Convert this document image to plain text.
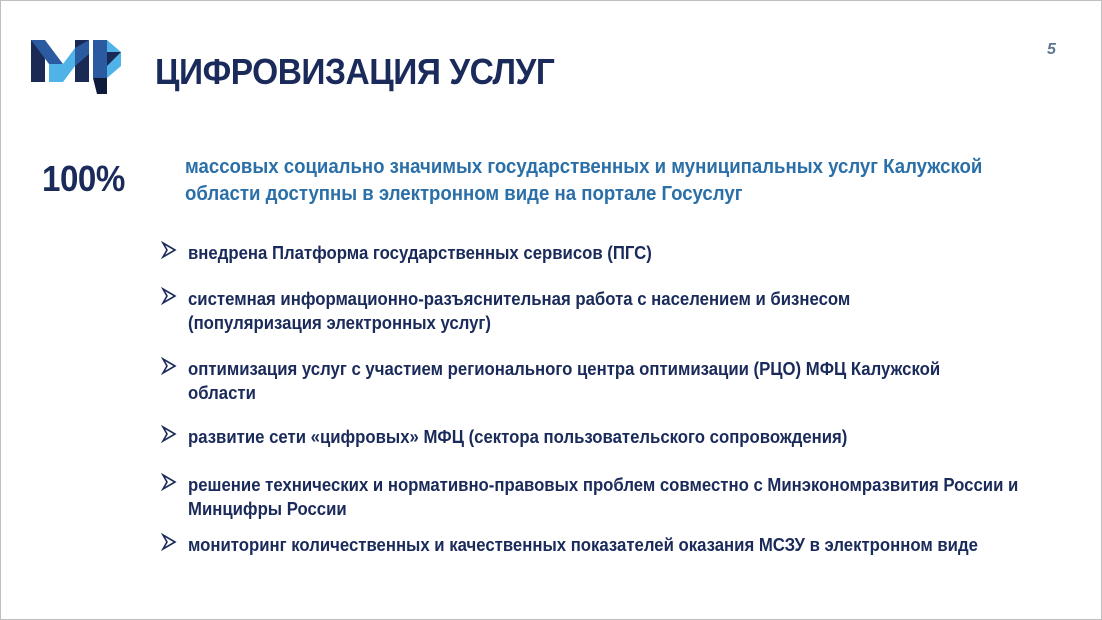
ЦИФРОВИЗАЦИЯ УСЛУГ
5
100%	массовых социально значимых государственных и муниципальных услуг Калужской области доступны в электронном виде на портале Госуслуг

внедрена Платформа государственных сервисов (ПГС)
системная информационно-разъяснительная работа с населением и бизнесом
(популяризация электронных услуг)
оптимизация услуг с участием регионального центра оптимизации (РЦО) МФЦ Калужской
области
развитие сети «цифровых» МФЦ (сектора пользовательского сопровождения)
решение технических и нормативно-правовых проблем совместно с Минэкономразвития России и
Минцифры России
мониторинг количественных и качественных показателей оказания МСЗУ в электронном виде
